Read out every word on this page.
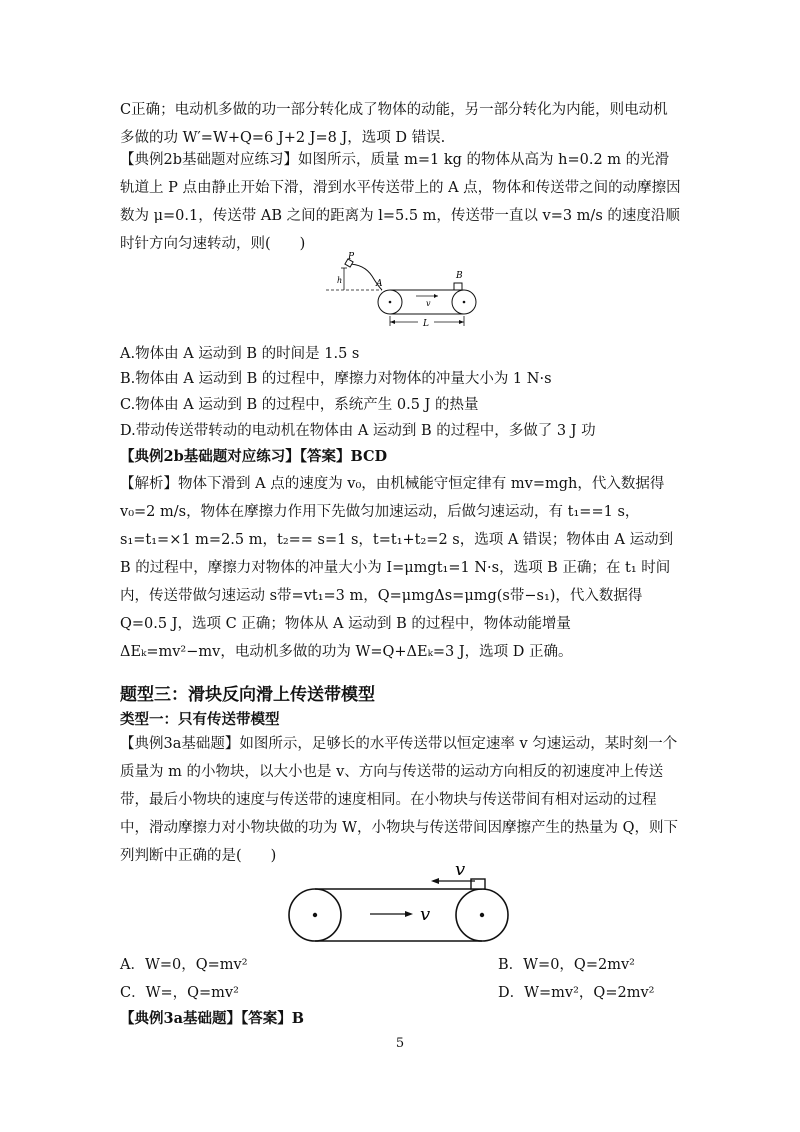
C正确；电动机多做的功一部分转化成了物体的动能，另一部分转化为内能，则电动机多做的功 W′=W+Q=6 J+2 J=8 J，选项 D 错误.

【典例2b基础题对应练习】如图所示，质量 m=1 kg 的物体从高为 h=0.2 m 的光滑轨道上 P 点由静止开始下滑，滑到水平传送带上的 A 点，物体和传送带之间的动摩擦因数为 μ=0.1，传送带 AB 之间的距离为 l=5.5 m，传送带一直以 v=3 m/s 的速度沿顺时针方向匀速转动，则(　　)

P
h	A
B
v
L

A.物体由 A 运动到 B 的时间是 1.5 s

B.物体由 A 运动到 B 的过程中，摩擦力对物体的冲量大小为 1 N·s

C.物体由 A 运动到 B 的过程中，系统产生 0.5 J 的热量

D.带动传送带转动的电动机在物体由 A 运动到 B 的过程中，多做了 3 J 功

【典例2b基础题对应练习】【答案】BCD

【解析】物体下滑到 A 点的速度为 v₀，由机械能守恒定律有 mv=mgh，代入数据得 v₀=2 m/s，物体在摩擦力作用下先做匀加速运动，后做匀速运动，有 t₁==1 s，s₁=t₁=×1 m=2.5 m，t₂== s=1 s，t=t₁+t₂=2 s，选项 A 错误；物体由 A 运动到 B 的过程中，摩擦力对物体的冲量大小为 I=μmgt₁=1 N·s，选项 B 正确；在 t₁ 时间内，传送带做匀速运动 s带=vt₁=3 m，Q=μmgΔs=μmg(s带−s₁)，代入数据得 Q=0.5 J，选项 C 正确；物体从 A 运动到 B 的过程中，物体动能增量 ΔEₖ=mv²−mv，电动机多做的功为 W=Q+ΔEₖ=3 J，选项 D 正确。

题型三：滑块反向滑上传送带模型

类型一：只有传送带模型

【典例3a基础题】如图所示，足够长的水平传送带以恒定速率 v 匀速运动，某时刻一个质量为 m 的小物块，以大小也是 v、方向与传送带的运动方向相反的初速度冲上传送带，最后小物块的速度与传送带的速度相同。在小物块与传送带间有相对运动的过程中，滑动摩擦力对小物块做的功为 W，小物块与传送带间因摩擦产生的热量为 Q，则下列判断中正确的是(　　)

v
v

A．W=0，Q=mv²	B．W=0，Q=2mv²

C．W=，Q=mv²	D．W=mv²，Q=2mv²

【典例3a基础题】【答案】B

5
